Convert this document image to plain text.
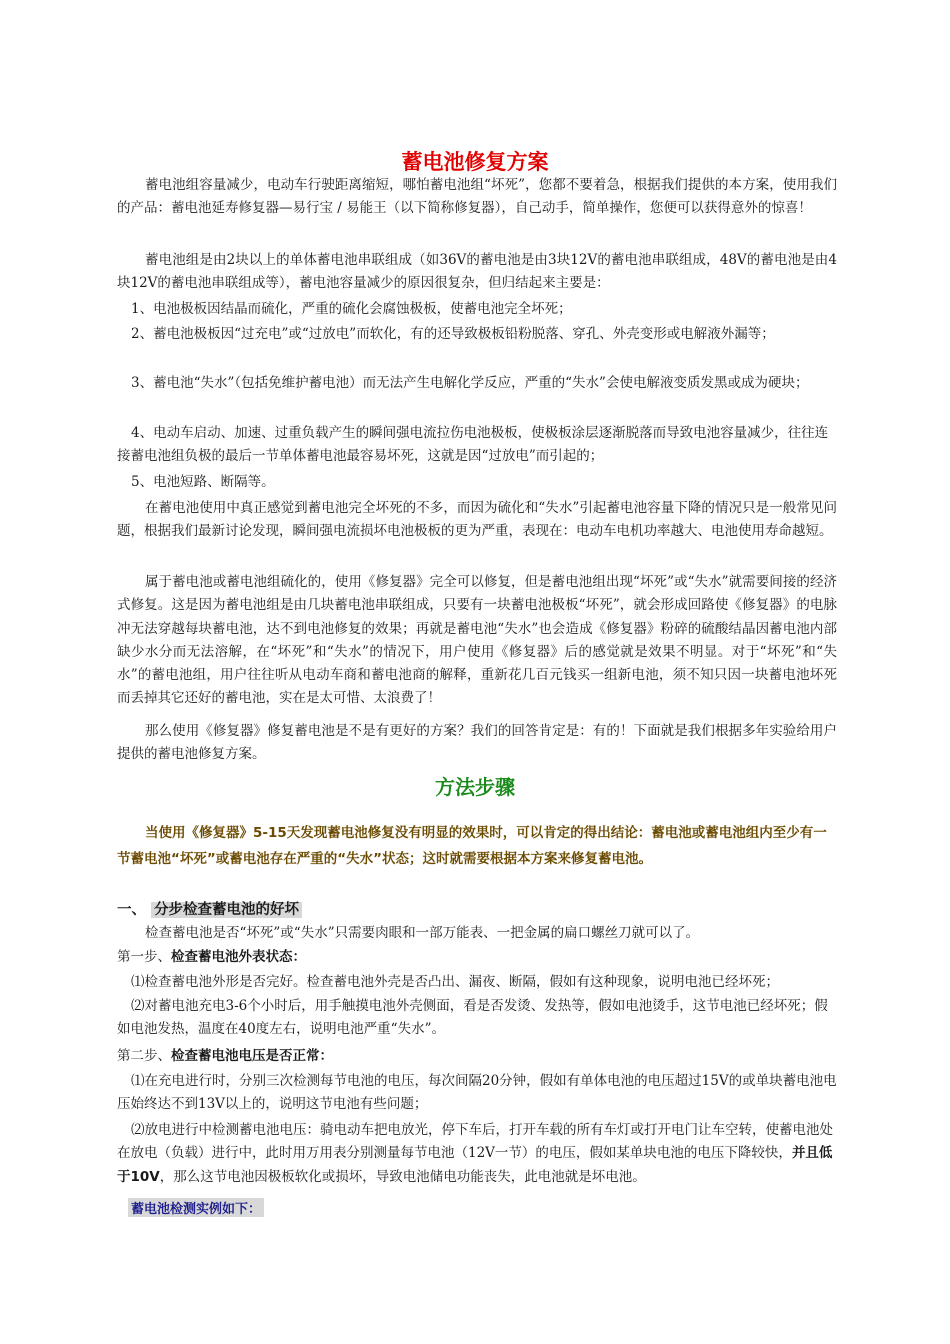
蓄电池修复方案

蓄电池组容量减少，电动车行驶距离缩短，哪怕蓄电池组“坏死”，您都不要着急，根据我们提供的本方案，使用我们的产品：蓄电池延寿修复器—易行宝 / 易能王（以下简称修复器），自己动手，简单操作，您便可以获得意外的惊喜！

蓄电池组是由2块以上的单体蓄电池串联组成（如36V的蓄电池是由3块12V的蓄电池串联组成，48V的蓄电池是由4块12V的蓄电池串联组成等），蓄电池容量减少的原因很复杂，但归结起来主要是：

1、电池极板因结晶而硫化，严重的硫化会腐蚀极板，使蓄电池完全坏死；

2、蓄电池极板因“过充电”或“过放电”而软化，有的还导致极板铅粉脱落、穿孔、外壳变形或电解液外漏等；

3、蓄电池“失水”（包括免维护蓄电池）而无法产生电解化学反应，严重的“失水”会使电解液变质发黑或成为硬块；

4、电动车启动、加速、过重负载产生的瞬间强电流拉伤电池极板，使极板涂层逐渐脱落而导致电池容量减少，往往连接蓄电池组负极的最后一节单体蓄电池最容易坏死，这就是因“过放电”而引起的；

5、电池短路、断隔等。

在蓄电池使用中真正感觉到蓄电池完全坏死的不多，而因为硫化和“失水”引起蓄电池容量下降的情况只是一般常见问题，根据我们最新讨论发现，瞬间强电流损坏电池极板的更为严重，表现在：电动车电机功率越大、电池使用寿命越短。

属于蓄电池或蓄电池组硫化的，使用《修复器》完全可以修复，但是蓄电池组出现“坏死”或“失水”就需要间接的经济式修复。这是因为蓄电池组是由几块蓄电池串联组成，只要有一块蓄电池极板“坏死”，就会形成回路使《修复器》的电脉冲无法穿越每块蓄电池，达不到电池修复的效果；再就是蓄电池“失水”也会造成《修复器》粉碎的硫酸结晶因蓄电池内部缺少水分而无法溶解，在“坏死”和“失水”的情况下，用户使用《修复器》后的感觉就是效果不明显。对于“坏死”和“失水”的蓄电池组，用户往往听从电动车商和蓄电池商的解释，重新花几百元钱买一组新电池，须不知只因一块蓄电池坏死而丢掉其它还好的蓄电池，实在是太可惜、太浪费了！

那么使用《修复器》修复蓄电池是不是有更好的方案？我们的回答肯定是：有的！下面就是我们根据多年实验给用户提供的蓄电池修复方案。

方法步骤

当使用《修复器》5-15天发现蓄电池修复没有明显的效果时，可以肯定的得出结论：蓄电池或蓄电池组内至少有一节蓄电池“坏死”或蓄电池存在严重的“失水”状态；这时就需要根据本方案来修复蓄电池。

一、 分步检查蓄电池的好坏

检查蓄电池是否“坏死”或“失水”只需要肉眼和一部万能表、一把金属的扁口螺丝刀就可以了。

第一步、检查蓄电池外表状态：

⑴检查蓄电池外形是否完好。检查蓄电池外壳是否凸出、漏夜、断隔，假如有这种现象，说明电池已经坏死；

⑵对蓄电池充电3-6个小时后，用手触摸电池外壳侧面，看是否发烫、发热等，假如电池烫手，这节电池已经坏死；假如电池发热，温度在40度左右，说明电池严重“失水”。

第二步、检查蓄电池电压是否正常：

⑴在充电进行时，分别三次检测每节电池的电压，每次间隔20分钟，假如有单体电池的电压超过15V的或单块蓄电池电压始终达不到13V以上的，说明这节电池有些问题；

⑵放电进行中检测蓄电池电压：骑电动车把电放光，停下车后，打开车载的所有车灯或打开电门让车空转，使蓄电池处在放电（负载）进行中，此时用万用表分别测量每节电池（12V一节）的电压，假如某单块电池的电压下降较快，并且低于10V，那么这节电池因极板软化或损坏，导致电池储电功能丧失，此电池就是坏电池。

蓄电池检测实例如下：
